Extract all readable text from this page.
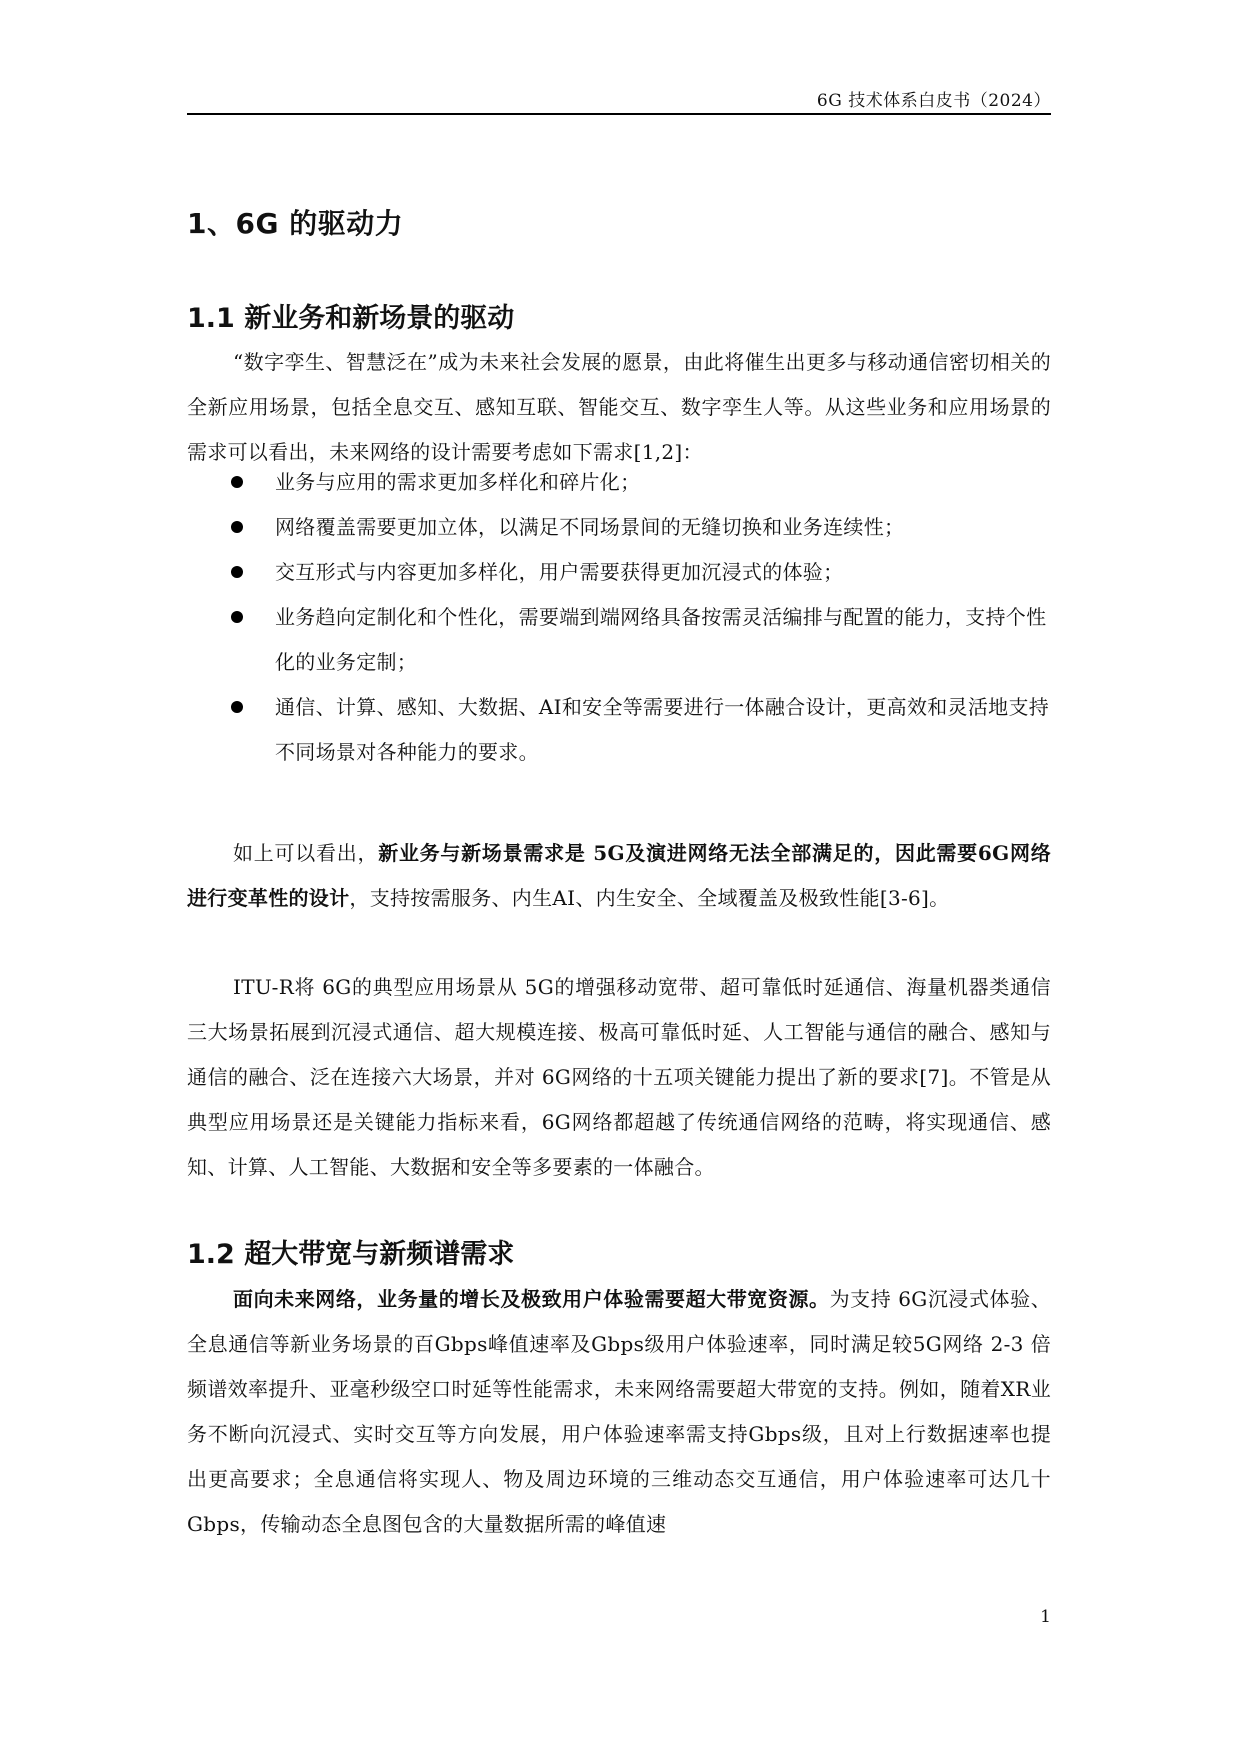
6G 技术体系白皮书（2024）
1、6G 的驱动力
1.1 新业务和新场景的驱动

“数字孪生、智慧泛在”成为未来社会发展的愿景，由此将催生出更多与移动通信密切相关的全新应用场景，包括全息交互、感知互联、智能交互、数字孪生人等。从这些业务和应用场景的需求可以看出，未来网络的设计需要考虑如下需求[1,2]：

业务与应用的需求更加多样化和碎片化；
网络覆盖需要更加立体，以满足不同场景间的无缝切换和业务连续性；
交互形式与内容更加多样化，用户需要获得更加沉浸式的体验；
业务趋向定制化和个性化，需要端到端网络具备按需灵活编排与配置的能力，支持个性化的业务定制；
通信、计算、感知、大数据、AI和安全等需要进行一体融合设计，更高效和灵活地支持不同场景对各种能力的要求。

如上可以看出，新业务与新场景需求是 5G及演进网络无法全部满足的，因此需要6G网络进行变革性的设计，支持按需服务、内生AI、内生安全、全域覆盖及极致性能[3-6]。

ITU-R将 6G的典型应用场景从 5G的增强移动宽带、超可靠低时延通信、海量机器类通信三大场景拓展到沉浸式通信、超大规模连接、极高可靠低时延、人工智能与通信的融合、感知与通信的融合、泛在连接六大场景，并对 6G网络的十五项关键能力提出了新的要求[7]。不管是从典型应用场景还是关键能力指标来看，6G网络都超越了传统通信网络的范畴，将实现通信、感知、计算、人工智能、大数据和安全等多要素的一体融合。

1.2 超大带宽与新频谱需求

面向未来网络，业务量的增长及极致用户体验需要超大带宽资源。为支持 6G沉浸式体验、全息通信等新业务场景的百Gbps峰值速率及Gbps级用户体验速率，同时满足较5G网络 2-3 倍频谱效率提升、亚毫秒级空口时延等性能需求，未来网络需要超大带宽的支持。例如，随着XR业务不断向沉浸式、实时交互等方向发展，用户体验速率需支持Gbps级，且对上行数据速率也提出更高要求；全息通信将实现人、物及周边环境的三维动态交互通信，用户体验速率可达几十Gbps，传输动态全息图包含的大量数据所需的峰值速

1
